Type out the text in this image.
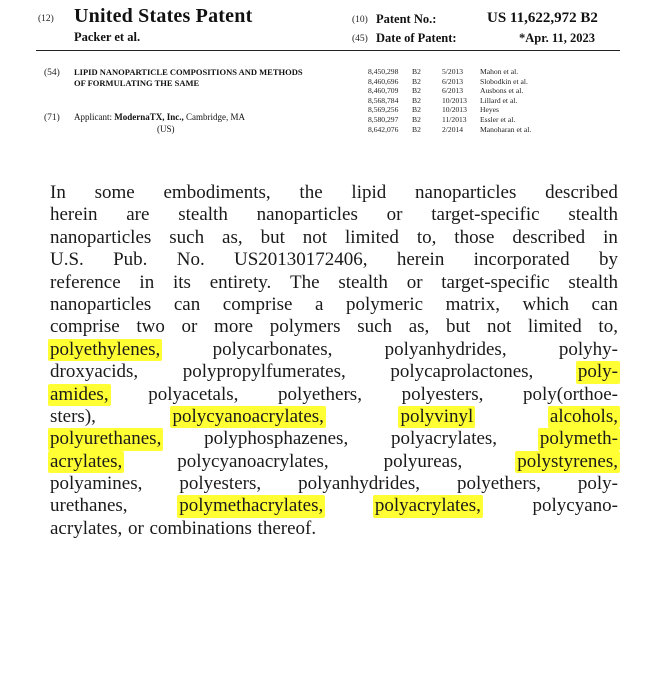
(12) United States Patent
Packer et al.
(10) Patent No.:	US 11,622,972 B2
(45) Date of Patent:	*Apr. 11, 2023
(54) LIPID NANOPARTICLE COMPOSITIONS AND METHODS OF FORMULATING THE SAME
(71) Applicant: ModernaTX, Inc., Cambridge, MA
(US)
8,450,298	B2	5/2013	Mahon et al.
8,460,696	B2	6/2013	Slobodkin et al.
8,460,709	B2	6/2013	Ausbons et al.
8,568,784	B2	10/2013	Lillard et al.
8,569,256	B2	10/2013	Heyes
8,580,297	B2	11/2013	Essler et al.
8,642,076	B2	2/2014	Manoharan et al.
In some embodiments, the lipid nanoparticles described
herein are stealth nanoparticles or target-specific stealth
nanoparticles such as, but not limited to, those described in
U.S. Pub. No. US20130172406, herein incorporated by
reference in its entirety. The stealth or target-specific stealth
nanoparticles can comprise a polymeric matrix, which can
comprise two or more polymers such as, but not limited to,
polyethylenes,	polycarbonates,	polyanhydrides,	polyhy-
droxyacids, polypropylfumerates, polycaprolactones, poly-
amides, polyacetals, polyethers, polyesters, poly(orthoe-
sters),	polycyanoacrylates,	polyvinyl	alcohols,
polyurethanes, polyphosphazenes, polyacrylates, polymeth-
acrylates,	polycyanoacrylates,	polyureas,	polystyrenes,
polyamines, polyesters, polyanhydrides, polyethers, poly-
urethanes,	polymethacrylates,	polyacrylates,	polycyano-
acrylates, or combinations thereof.
